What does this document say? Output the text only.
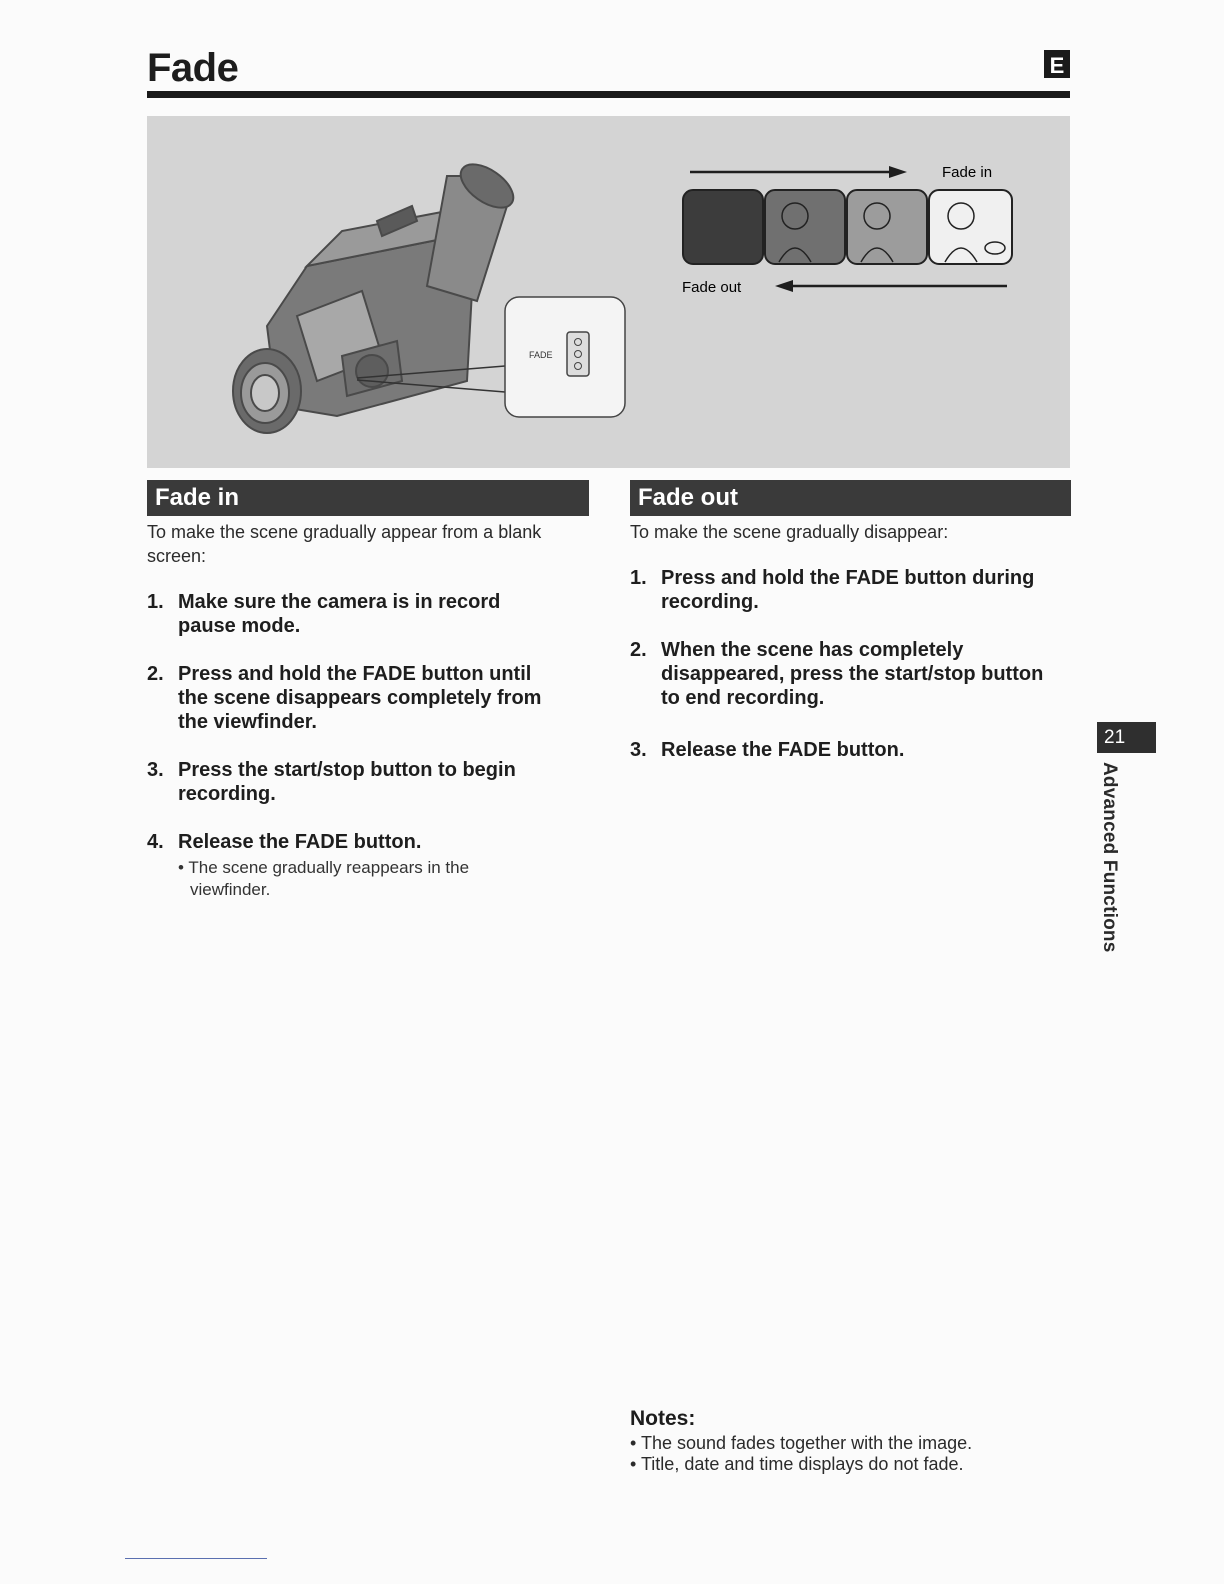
Fade	E
FADE
Fade in
Fade out
Fade in	Fade out
To make the scene gradually appear from a blank screen:
1. Make sure the camera is in record
pause mode.
2. Press and hold the FADE button until
the scene disappears completely from
the viewfinder.
3. Press the start/stop button to begin
recording.
4. Release the FADE button.
• The scene gradually reappears in the
viewfinder.
To make the scene gradually disappear:
1. Press and hold the FADE button during
recording.
2. When the scene has completely
disappeared, press the start/stop button
to end recording.
3. Release the FADE button.
21
Advanced Functions
Notes:
• The sound fades together with the image.
• Title, date and time displays do not fade.
